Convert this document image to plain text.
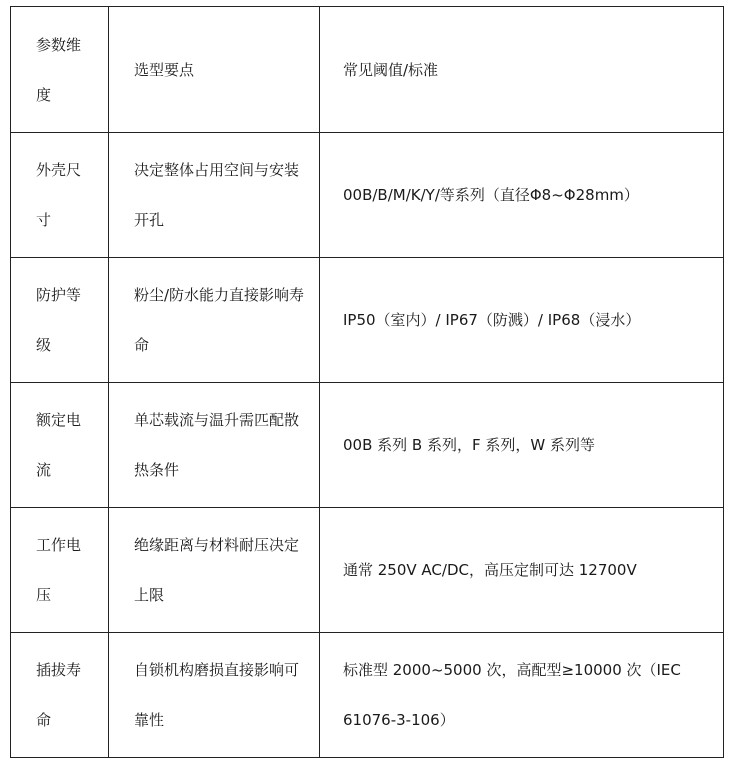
参数维度	选型要点	常见阈值/标准

外壳尺寸	决定整体占用空间与安装开孔	00B/B/M/K/Y/等系列（直径Φ8~Φ28mm）

防护等级	粉尘/防水能力直接影响寿命	IP50（室内）/ IP67（防溅）/ IP68（浸水）

额定电流	单芯载流与温升需匹配散热条件	00B 系列 B 系列，F 系列，W 系列等

工作电压	绝缘距离与材料耐压决定上限	通常 250V AC/DC，高压定制可达 12700V

插拔寿命	自锁机构磨损直接影响可靠性	标准型 2000~5000 次，高配型≥10000 次（IEC 61076-3-106）
